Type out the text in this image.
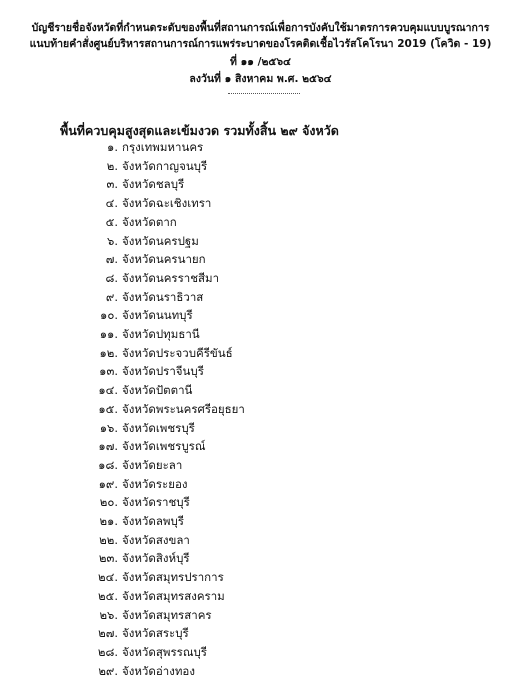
บัญชีรายชื่อจังหวัดที่กำหนดระดับของพื้นที่สถานการณ์เพื่อการบังคับใช้มาตรการควบคุมแบบบูรณาการ
แนบท้ายคำสั่งศูนย์บริหารสถานการณ์การแพร่ระบาดของโรคติดเชื้อไวรัสโคโรนา 2019 (โควิด - 19)
ที่ ๑๑ /๒๕๖๔
ลงวันที่ ๑ สิงหาคม พ.ศ. ๒๕๖๔
พื้นที่ควบคุมสูงสุดและเข้มงวด รวมทั้งสิ้น ๒๙ จังหวัด
๑. กรุงเทพมหานคร
๒. จังหวัดกาญจนบุรี
๓. จังหวัดชลบุรี
๔. จังหวัดฉะเชิงเทรา
๕. จังหวัดตาก
๖. จังหวัดนครปฐม
๗. จังหวัดนครนายก
๘. จังหวัดนครราชสีมา
๙. จังหวัดนราธิวาส
๑๐. จังหวัดนนทบุรี
๑๑. จังหวัดปทุมธานี
๑๒. จังหวัดประจวบคีรีขันธ์
๑๓. จังหวัดปราจีนบุรี
๑๔. จังหวัดปัตตานี
๑๕. จังหวัดพระนครศรีอยุธยา
๑๖. จังหวัดเพชรบุรี
๑๗. จังหวัดเพชรบูรณ์
๑๘. จังหวัดยะลา
๑๙. จังหวัดระยอง
๒๐. จังหวัดราชบุรี
๒๑. จังหวัดลพบุรี
๒๒. จังหวัดสงขลา
๒๓. จังหวัดสิงห์บุรี
๒๔. จังหวัดสมุทรปราการ
๒๕. จังหวัดสมุทรสงคราม
๒๖. จังหวัดสมุทรสาคร
๒๗. จังหวัดสระบุรี
๒๘. จังหวัดสุพรรณบุรี
๒๙. จังหวัดอ่างทอง
